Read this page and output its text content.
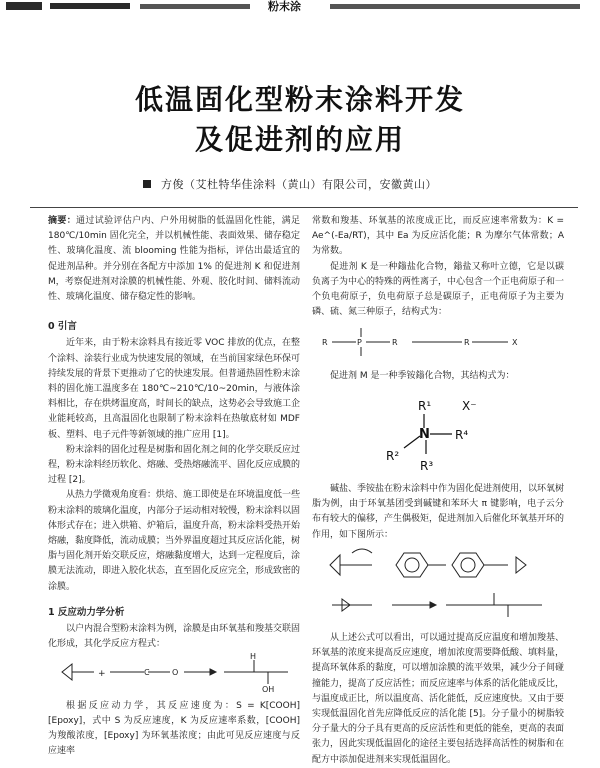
粉末涂
低温固化型粉末涂料开发
及促进剂的应用
方俊（艾杜特华佳涂料（黄山）有限公司，安徽黄山）

摘要：通过试验评估户内、户外用树脂的低温固化性能，满足 180℃/10min 固化完全，并以机械性能、表面效果、储存稳定性、玻璃化温度、流 blooming 性能为指标，评估出最适宜的促进剂品种。并分别在各配方中添加 1% 的促进剂 K 和促进剂 M，考察促进剂对涂膜的机械性能、外观、胶化时间、储料流动性、玻璃化温度、储存稳定性的影响。

0 引言

近年来，由于粉末涂料具有接近零 VOC 排放的优点，在整个涂料、涂装行业成为快速发展的领域，在当前国家绿色环保可持续发展的背景下更推动了它的快速发展。但普通热固性粉末涂料的固化施工温度多在 180℃~210℃/10~20min，与液体涂料相比，存在烘烤温度高，时间长的缺点，这势必会导致施工企业能耗较高，且高温固化也限制了粉末涂料在热敏底材如 MDF 板、塑料、电子元件等新领域的推广应用 [1]。

粉末涂料的固化过程是树脂和固化剂之间的化学交联反应过程，粉末涂料经历软化、熔融、受热熔融流平、固化反应成膜的过程 [2]。

从热力学微观角度看：烘焙、施工即使是在环境温度低一些粉末涂料的玻璃化温度，内部分子运动相对较慢，粉末涂料以固体形式存在；进入烘箱、炉箱后，温度升高，粉末涂料受热开始熔融，黏度降低，流动成膜；当外界温度超过其反应活化能，树脂与固化剂开始交联反应，熔融黏度增大，达到一定程度后，涂膜无法流动，即进入胶化状态，直至固化反应完全，形成致密的涂膜。

1 反应动力学分析

以户内混合型粉末涂料为例，涂膜是由环氧基和羧基交联固化形成，其化学反应方程式：

+	C	O
H
OH

根据反应动力学，其反应速度为：S = K[COOH][Epoxy]，式中 S 为反应速度，K 为反应速率系数，[COOH] 为羧酸浓度，[Epoxy] 为环氧基浓度；由此可见反应速度与反应速率

常数和羧基、环氧基的浓度成正比，而反应速率常数为：K = Ae^(-Ea/RT)，其中 Ea 为反应活化能；R 为摩尔气体常数；A 为常数。

促进剂 K 是一种鎓盐化合物，鎓盐又称叶立德，它是以碳负离子为中心的特殊的两性离子，中心包含一个正电荷原子和一个负电荷原子，负电荷原子总是碳原子，正电荷原子为主要为磷、硫、氮三种原子，结构式为：

R	P	R	R	X

促进剂 M 是一种季铵鎓化合物，其结构式为：

R¹
N
R²
R³
R⁴
X⁻

碱盐、季铵盐在粉末涂料中作为固化促进剂使用，以环氧树脂为例，由于环氧基团受到碱键和苯环大 π 键影响，电子云分布有较大的偏移，产生偶极矩，促进剂加入后催化环氧基开环的作用，如下图所示：

从上述公式可以看出，可以通过提高反应温度和增加羧基、环氧基的浓度来提高反应速度，增加浓度需要降低酸、填料量，提高环氧体系的黏度，可以增加涂膜的流平效果，减少分子间碰撞能力，提高了反应活性；而反应速率与体系的活化能成反比，与温度成正比，所以温度高、活化能低，反应速度快。又由于要实现低温固化首先应降低反应的活化能 [5]。分子量小的树脂较分子量大的分子具有更高的反应活性和更低的能垒，更高的表面张力，因此实现低温固化的途径主要包括选择高活性的树脂和在配方中添加促进剂来实现低温固化。
